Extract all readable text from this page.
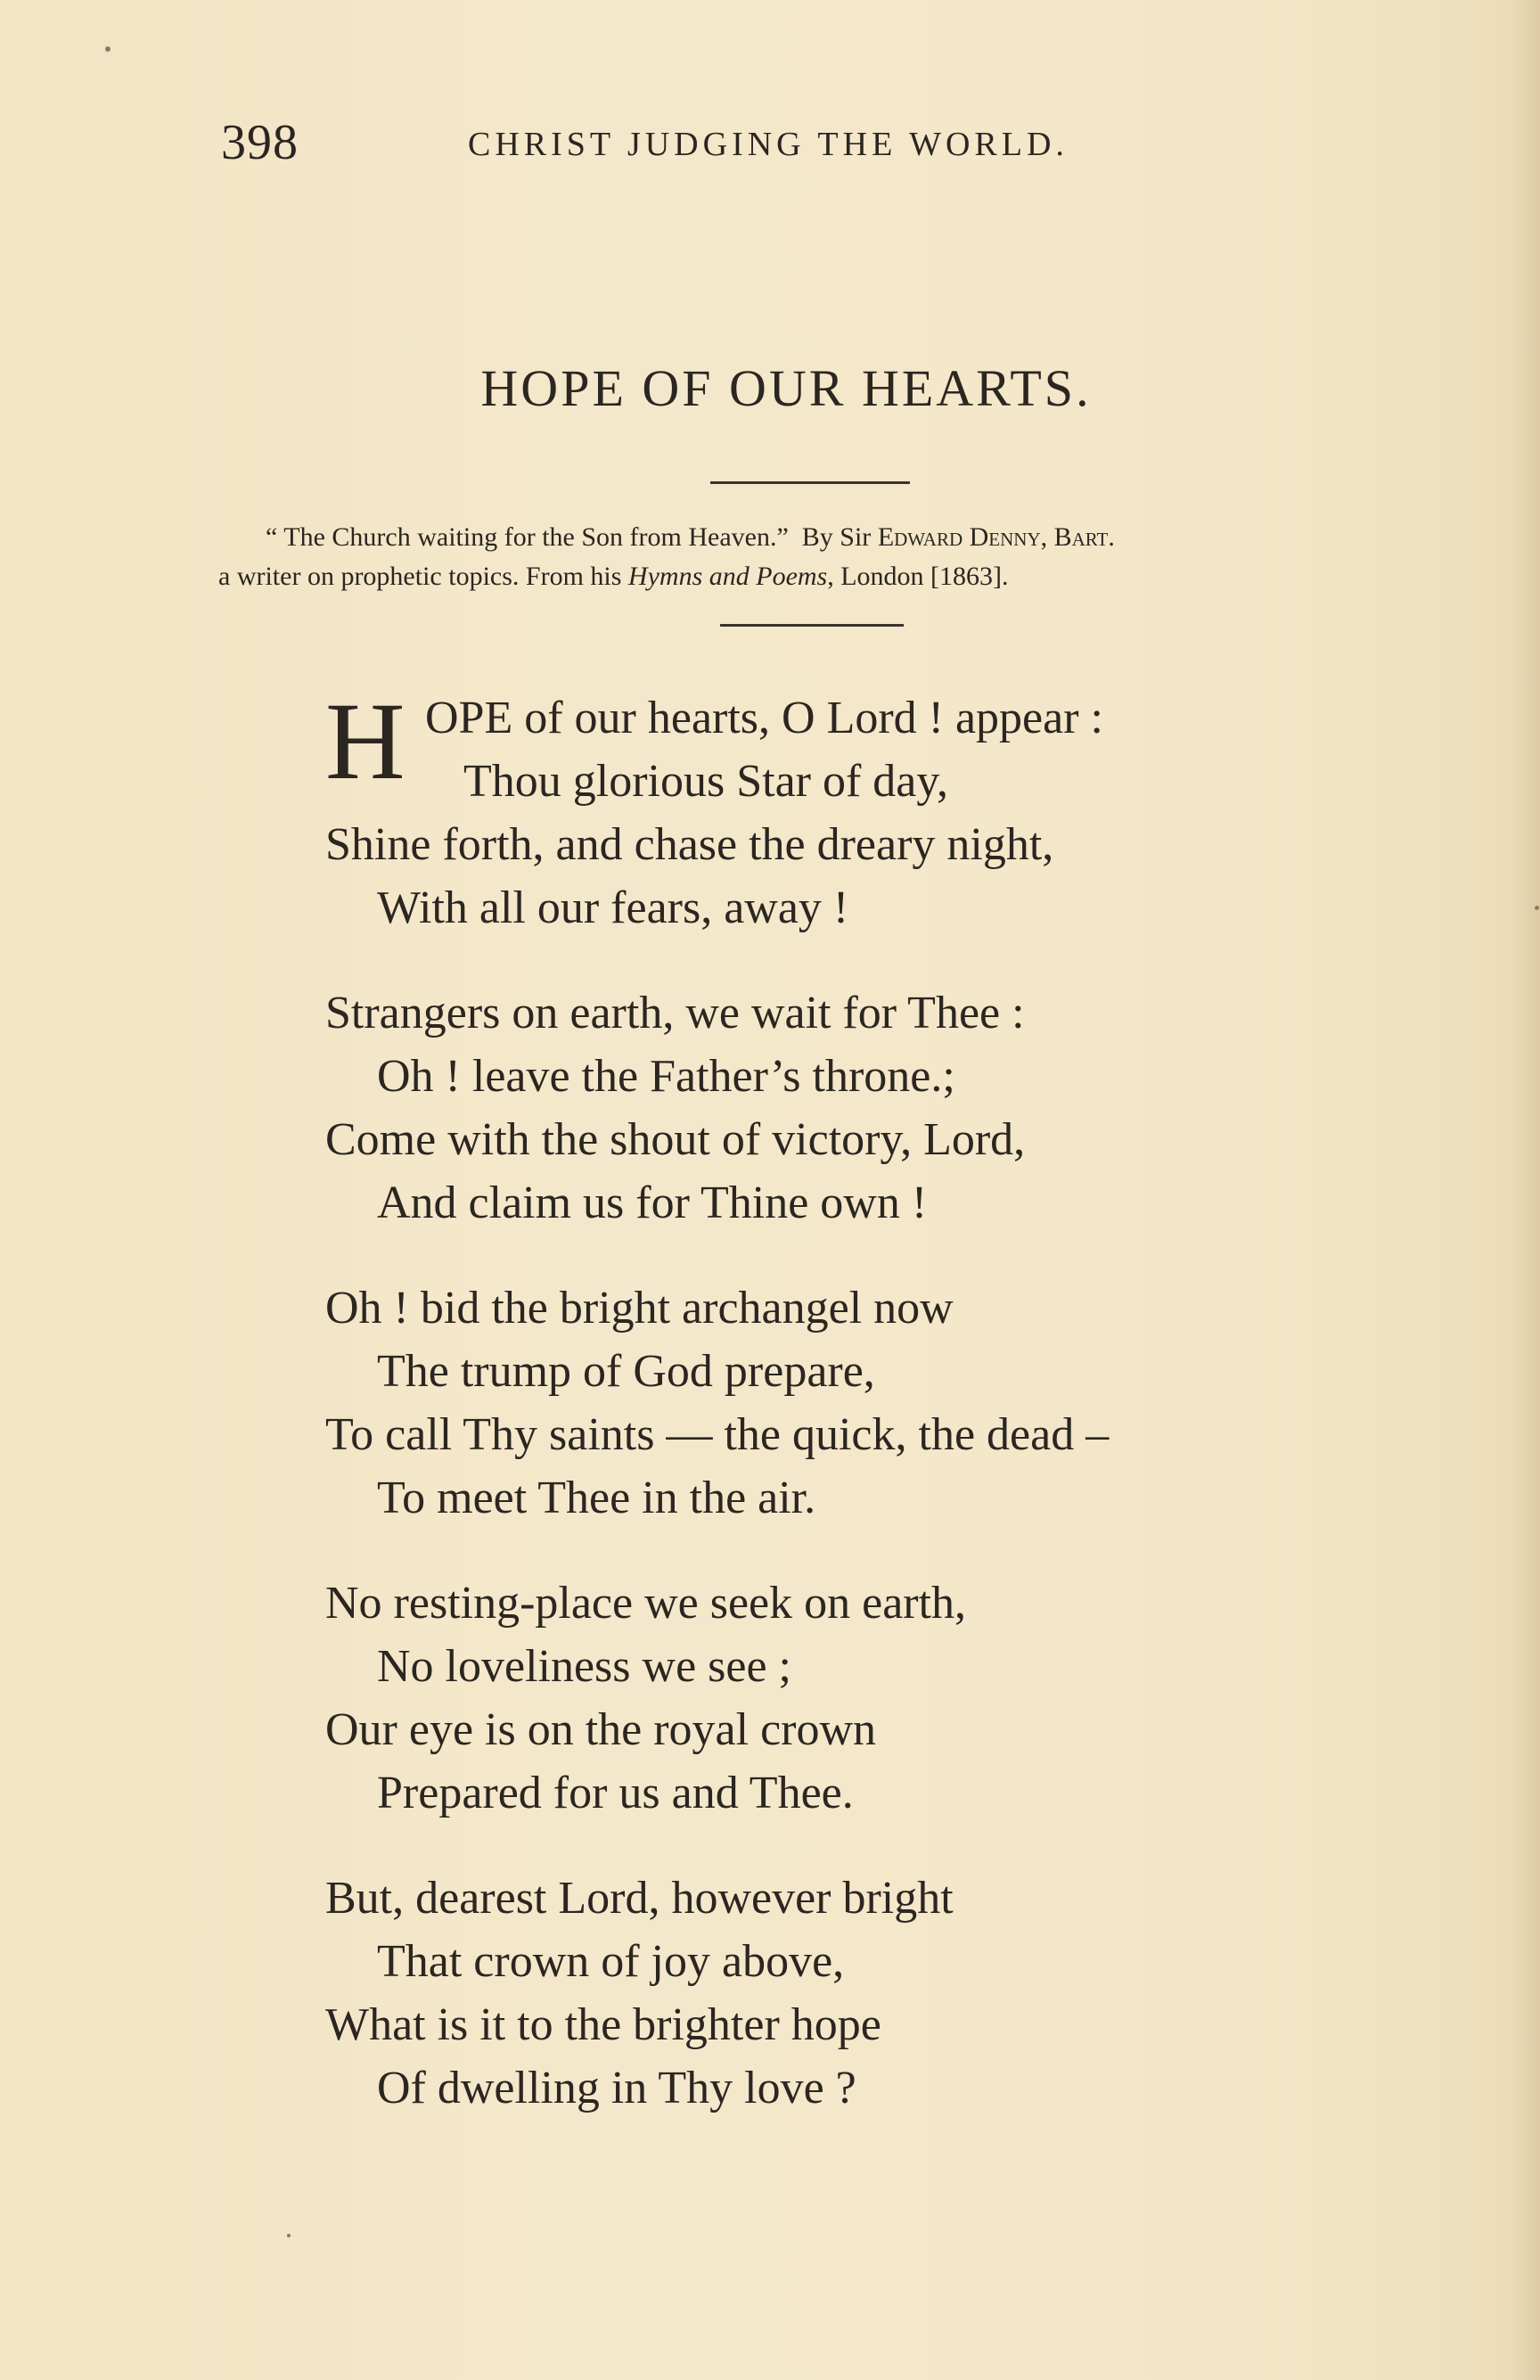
398	CHRIST JUDGING THE WORLD.
HOPE OF OUR HEARTS.
“ The Church waiting for the Son from Heaven.” By Sir Edward Denny, Bart.
a writer on prophetic topics. From his Hymns and Poems, London [1863].
H OPE of our hearts, O Lord ! appear :
Thou glorious Star of day,
Shine forth, and chase the dreary night,
With all our fears, away !
Strangers on earth, we wait for Thee :
Oh ! leave the Father’s throne.;
Come with the shout of victory, Lord,
And claim us for Thine own !
Oh ! bid the bright archangel now
The trump of God prepare,
To call Thy saints — the quick, the dead –
To meet Thee in the air.
No resting-place we seek on earth,
No loveliness we see ;
Our eye is on the royal crown
Prepared for us and Thee.
But, dearest Lord, however bright
That crown of joy above,
What is it to the brighter hope
Of dwelling in Thy love ?
